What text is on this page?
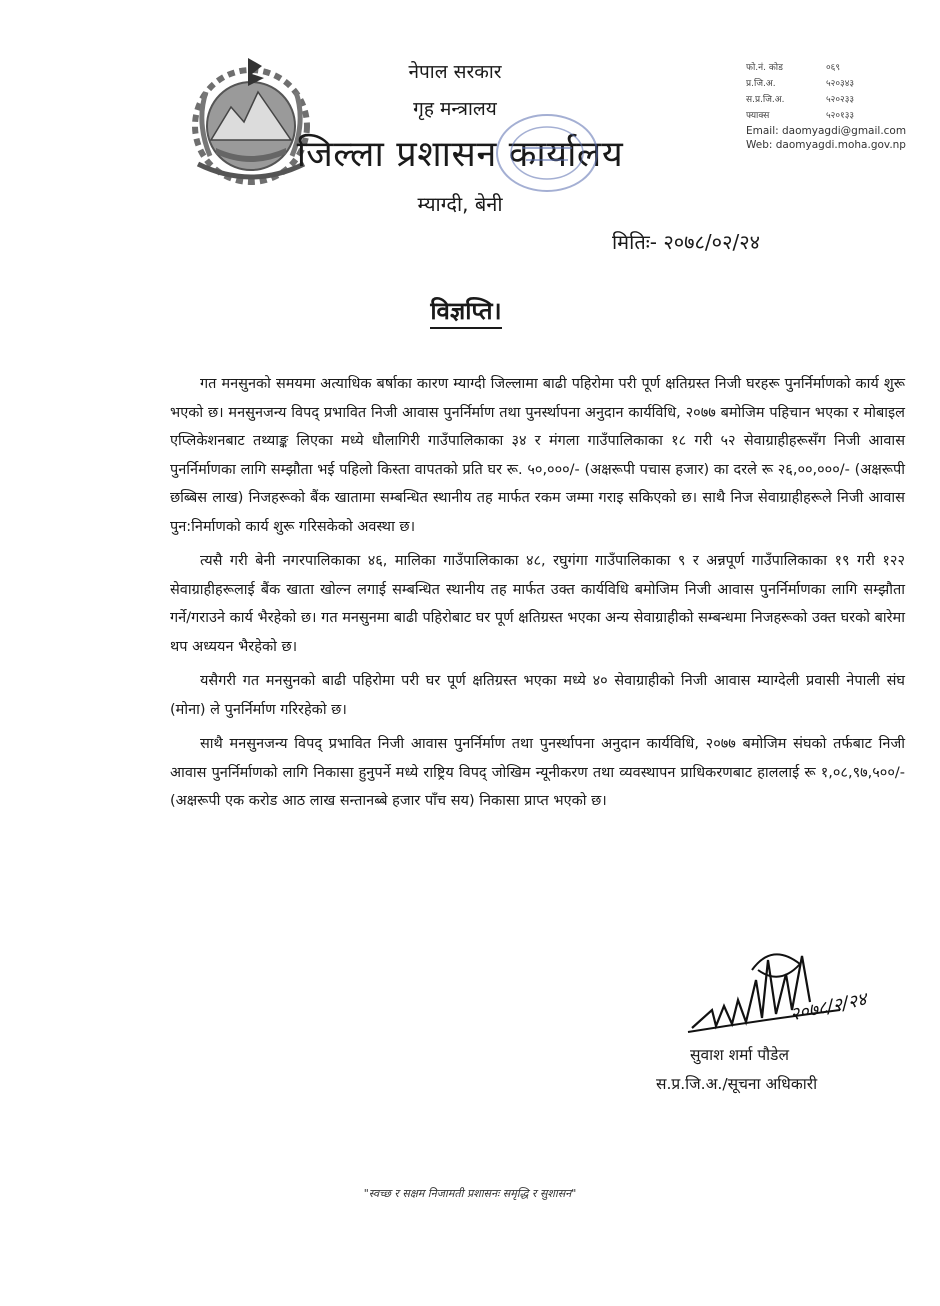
नेपाल सरकार
गृह मन्त्रालय
जिल्ला प्रशासन कार्यालय
म्याग्दी, बेनी
फो.नं. कोड	०६९
प्र.जि.अ.	५२०३४३
स.प्र.जि.अ.	५२०२३३
फ्याक्स	५२०१३३
Email: daomyagdi@gmail.com
Web: daomyagdi.moha.gov.np
मितिः- २०७८/०२/२४
विज्ञप्ति।

गत मनसुनको समयमा अत्याधिक बर्षाका कारण म्याग्दी जिल्लामा बाढी पहिरोमा परी पूर्ण क्षतिग्रस्त निजी घरहरू पुनर्निर्माणको कार्य शुरू भएको छ। मनसुनजन्य विपद् प्रभावित निजी आवास पुनर्निर्माण तथा पुनर्स्थापना अनुदान कार्यविधि, २०७७ बमोजिम पहिचान भएका र मोबाइल एप्लिकेशनबाट तथ्याङ्क लिएका मध्ये धौलागिरी गाउँपालिकाका ३४ र मंगला गाउँपालिकाका १८ गरी ५२ सेवाग्राहीहरूसँग निजी आवास पुनर्निर्माणका लागि सम्झौता भई पहिलो किस्ता वापतको प्रति घर रू. ५०,०००/- (अक्षरूपी पचास हजार) का दरले रू २६,००,०००/- (अक्षरूपी छब्बिस लाख) निजहरूको बैंक खातामा सम्बन्धित स्थानीय तह मार्फत रकम जम्मा गराइ सकिएको छ। साथै निज सेवाग्राहीहरूले निजी आवास पुन:निर्माणको कार्य शुरू गरिसकेको अवस्था छ।

त्यसै गरी बेनी नगरपालिकाका ४६, मालिका गाउँपालिकाका ४८, रघुगंगा गाउँपालिकाका ९ र अन्नपूर्ण गाउँपालिकाका १९ गरी १२२ सेवाग्राहीहरूलाई बैंक खाता खोल्न लगाई सम्बन्धित स्थानीय तह मार्फत उक्त कार्यविधि बमोजिम निजी आवास पुनर्निर्माणका लागि सम्झौता गर्ने/गराउने कार्य भैरहेको छ। गत मनसुनमा बाढी पहिरोबाट घर पूर्ण क्षतिग्रस्त भएका अन्य सेवाग्राहीको सम्बन्धमा निजहरूको उक्त घरको बारेमा थप अध्ययन भैरहेको छ।

यसैगरी गत मनसुनको बाढी पहिरोमा परी घर पूर्ण क्षतिग्रस्त भएका मध्ये ४० सेवाग्राहीको निजी आवास म्याग्देली प्रवासी नेपाली संघ (मोना) ले पुनर्निर्माण गरिरहेको छ।

साथै मनसुनजन्य विपद् प्रभावित निजी आवास पुनर्निर्माण तथा पुनर्स्थापना अनुदान कार्यविधि, २०७७ बमोजिम संघको तर्फबाट निजी आवास पुनर्निर्माणको लागि निकासा हुनुपर्ने मध्ये राष्ट्रिय विपद् जोखिम न्यूनीकरण तथा व्यवस्थापन प्राधिकरणबाट हाललाई रू १,०८,९७,५००/- (अक्षरूपी एक करोड आठ लाख सन्तानब्बे हजार पाँच सय) निकासा प्राप्त भएको छ।

२०७८/२/२४
सुवाश शर्मा पौडेल
स.प्र.जि.अ./सूचना अधिकारी
"स्वच्छ र सक्षम निजामती प्रशासनः समृद्धि र सुशासन"
